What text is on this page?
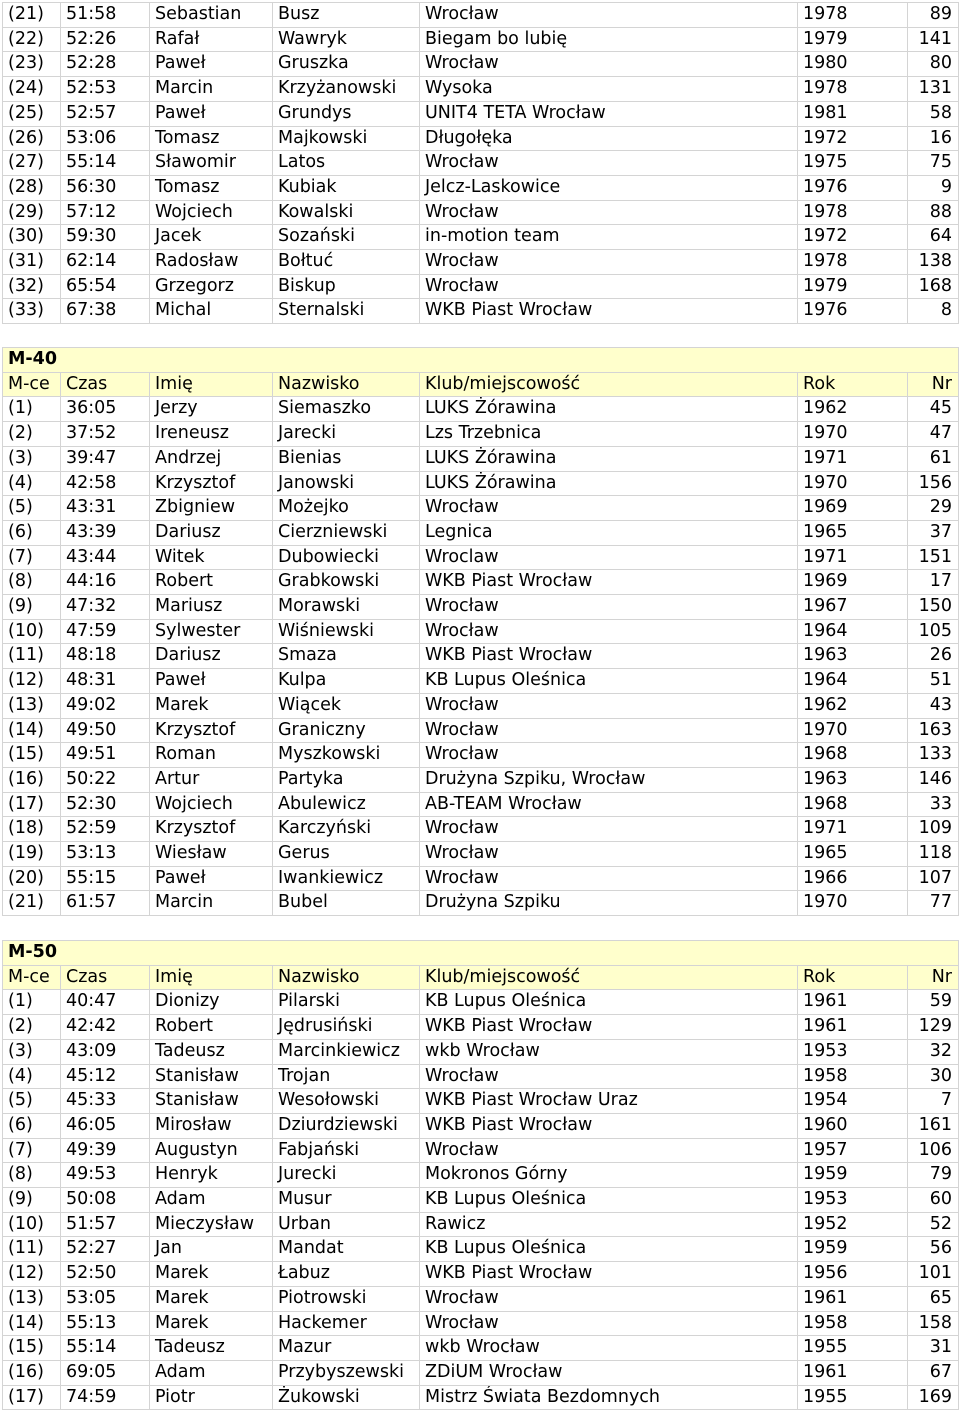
(21)	51:58	Sebastian	Busz	Wrocław	1978	89
(22)	52:26	Rafał	Wawryk	Biegam bo lubię	1979	141
(23)	52:28	Paweł	Gruszka	Wrocław	1980	80
(24)	52:53	Marcin	Krzyżanowski	Wysoka	1978	131
(25)	52:57	Paweł	Grundys	UNIT4 TETA Wrocław	1981	58
(26)	53:06	Tomasz	Majkowski	Długołęka	1972	16
(27)	55:14	Sławomir	Latos	Wrocław	1975	75
(28)	56:30	Tomasz	Kubiak	Jelcz-Laskowice	1976	9
(29)	57:12	Wojciech	Kowalski	Wrocław	1978	88
(30)	59:30	Jacek	Sozański	in-motion team	1972	64
(31)	62:14	Radosław	Bołtuć	Wrocław	1978	138
(32)	65:54	Grzegorz	Biskup	Wrocław	1979	168
(33)	67:38	Michal	Sternalski	WKB Piast Wrocław	1976	8
M-40						
M-ce	Czas	Imię	Nazwisko	Klub/miejscowość	Rok	Nr
(1)	36:05	Jerzy	Siemaszko	LUKS Żórawina	1962	45
(2)	37:52	Ireneusz	Jarecki	Lzs Trzebnica	1970	47
(3)	39:47	Andrzej	Bienias	LUKS Żórawina	1971	61
(4)	42:58	Krzysztof	Janowski	LUKS Żórawina	1970	156
(5)	43:31	Zbigniew	Możejko	Wrocław	1969	29
(6)	43:39	Dariusz	Cierzniewski	Legnica	1965	37
(7)	43:44	Witek	Dubowiecki	Wroclaw	1971	151
(8)	44:16	Robert	Grabkowski	WKB Piast Wrocław	1969	17
(9)	47:32	Mariusz	Morawski	Wrocław	1967	150
(10)	47:59	Sylwester	Wiśniewski	Wrocław	1964	105
(11)	48:18	Dariusz	Smaza	WKB Piast Wrocław	1963	26
(12)	48:31	Paweł	Kulpa	KB Lupus Oleśnica	1964	51
(13)	49:02	Marek	Wiącek	Wrocław	1962	43
(14)	49:50	Krzysztof	Graniczny	Wrocław	1970	163
(15)	49:51	Roman	Myszkowski	Wrocław	1968	133
(16)	50:22	Artur	Partyka	Drużyna Szpiku, Wrocław	1963	146
(17)	52:30	Wojciech	Abulewicz	AB-TEAM Wrocław	1968	33
(18)	52:59	Krzysztof	Karczyński	Wrocław	1971	109
(19)	53:13	Wiesław	Gerus	Wrocław	1965	118
(20)	55:15	Paweł	Iwankiewicz	Wrocław	1966	107
(21)	61:57	Marcin	Bubel	Drużyna Szpiku	1970	77
M-50						
M-ce	Czas	Imię	Nazwisko	Klub/miejscowość	Rok	Nr
(1)	40:47	Dionizy	Pilarski	KB Lupus Oleśnica	1961	59
(2)	42:42	Robert	Jędrusiński	WKB Piast Wrocław	1961	129
(3)	43:09	Tadeusz	Marcinkiewicz	wkb Wrocław	1953	32
(4)	45:12	Stanisław	Trojan	Wrocław	1958	30
(5)	45:33	Stanisław	Wesołowski	WKB Piast Wrocław Uraz	1954	7
(6)	46:05	Mirosław	Dziurdziewski	WKB Piast Wrocław	1960	161
(7)	49:39	Augustyn	Fabjański	Wrocław	1957	106
(8)	49:53	Henryk	Jurecki	Mokronos Górny	1959	79
(9)	50:08	Adam	Musur	KB Lupus Oleśnica	1953	60
(10)	51:57	Mieczysław	Urban	Rawicz	1952	52
(11)	52:27	Jan	Mandat	KB Lupus Oleśnica	1959	56
(12)	52:50	Marek	Łabuz	WKB Piast Wrocław	1956	101
(13)	53:05	Marek	Piotrowski	Wrocław	1961	65
(14)	55:13	Marek	Hackemer	Wrocław	1958	158
(15)	55:14	Tadeusz	Mazur	wkb Wrocław	1955	31
(16)	69:05	Adam	Przybyszewski	ZDiUM Wrocław	1961	67
(17)	74:59	Piotr	Żukowski	Mistrz Świata Bezdomnych	1955	169
